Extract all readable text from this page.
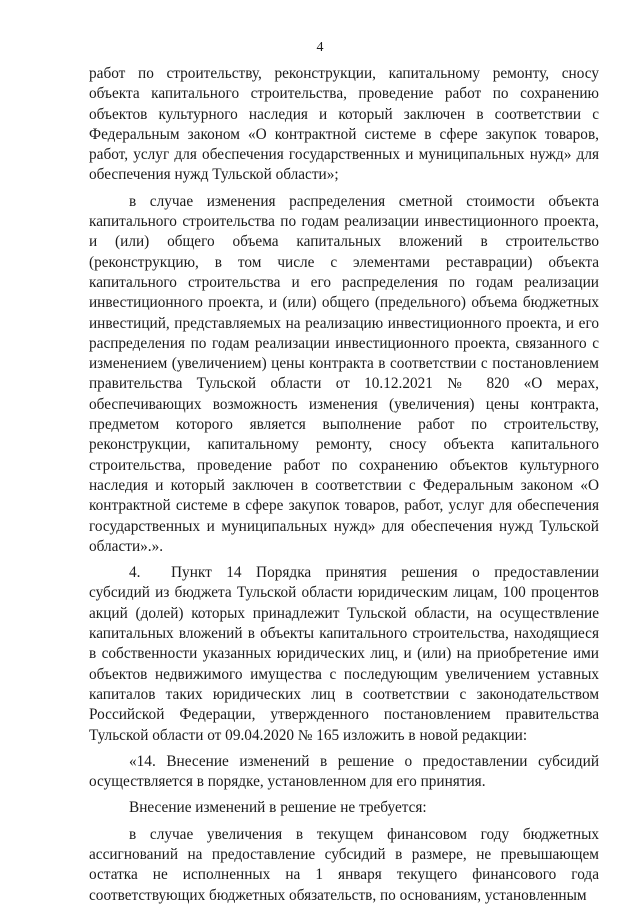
4

работ по строительству, реконструкции, капитальному ремонту, сносу объекта капитального строительства, проведение работ по сохранению объектов культурного наследия и который заключен в соответствии с Федеральным законом «О контрактной системе в сфере закупок товаров, работ, услуг для обеспечения государственных и муниципальных нужд» для обеспечения нужд Тульской области»;

в случае изменения распределения сметной стоимости объекта капитального строительства по годам реализации инвестиционного проекта, и (или) общего объема капитальных вложений в строительство (реконструкцию, в том числе с элементами реставрации) объекта капитального строительства и его распределения по годам реализации инвестиционного проекта, и (или) общего (предельного) объема бюджетных инвестиций, представляемых на реализацию инвестиционного проекта, и его распределения по годам реализации инвестиционного проекта, связанного с изменением (увеличением) цены контракта в соответствии с постановлением правительства Тульской области от 10.12.2021 № 820 «О мерах, обеспечивающих возможность изменения (увеличения) цены контракта, предметом которого является выполнение работ по строительству, реконструкции, капитальному ремонту, сносу объекта капитального строительства, проведение работ по сохранению объектов культурного наследия и который заключен в соответствии с Федеральным законом «О контрактной системе в сфере закупок товаров, работ, услуг для обеспечения государственных и муниципальных нужд» для обеспечения нужд Тульской области».».

4. Пункт 14 Порядка принятия решения о предоставлении субсидий из бюджета Тульской области юридическим лицам, 100 процентов акций (долей) которых принадлежит Тульской области, на осуществление капитальных вложений в объекты капитального строительства, находящиеся в собственности указанных юридических лиц, и (или) на приобретение ими объектов недвижимого имущества с последующим увеличением уставных капиталов таких юридических лиц в соответствии с законодательством Российской Федерации, утвержденного постановлением правительства Тульской области от 09.04.2020 № 165 изложить в новой редакции:

«14. Внесение изменений в решение о предоставлении субсидий осуществляется в порядке, установленном для его принятия.

Внесение изменений в решение не требуется:

в случае увеличения в текущем финансовом году бюджетных ассигнований на предоставление субсидий в размере, не превышающем остатка не исполненных на 1 января текущего финансового года соответствующих бюджетных обязательств, по основаниям, установленным
